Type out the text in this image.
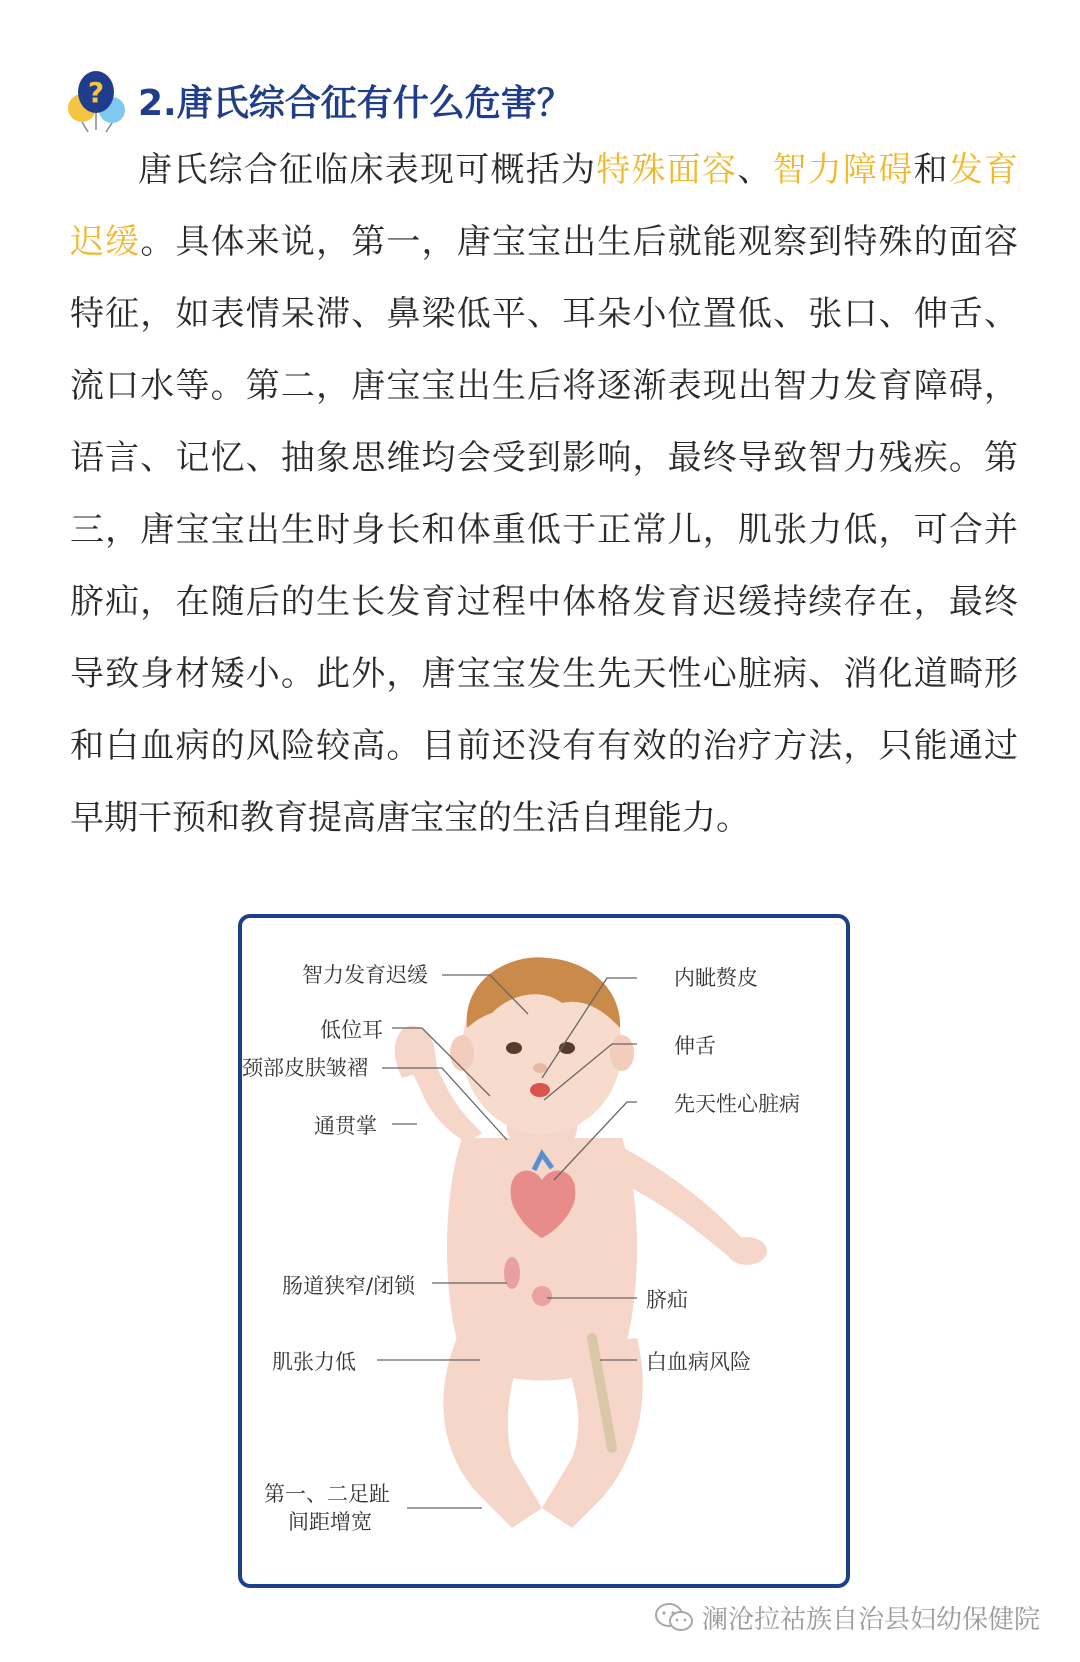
? 2.唐氏综合征有什么危害？

唐氏综合征临床表现可概括为特殊面容、智力障碍和发育迟缓。具体来说，第一，唐宝宝出生后就能观察到特殊的面容特征，如表情呆滞、鼻梁低平、耳朵小位置低、张口、伸舌、流口水等。第二，唐宝宝出生后将逐渐表现出智力发育障碍，语言、记忆、抽象思维均会受到影响，最终导致智力残疾。第三，唐宝宝出生时身长和体重低于正常儿，肌张力低，可合并脐疝，在随后的生长发育过程中体格发育迟缓持续存在，最终导致身材矮小。此外，唐宝宝发生先天性心脏病、消化道畸形和白血病的风险较高。目前还没有有效的治疗方法，只能通过早期干预和教育提高唐宝宝的生活自理能力。

智力发育迟缓
低位耳
颈部皮肤皱褶
通贯掌
肠道狭窄/闭锁
肌张力低
第一、二足趾
间距增宽
内眦赘皮
伸舌
先天性心脏病
脐疝
白血病风险
澜沧拉祜族自治县妇幼保健院
